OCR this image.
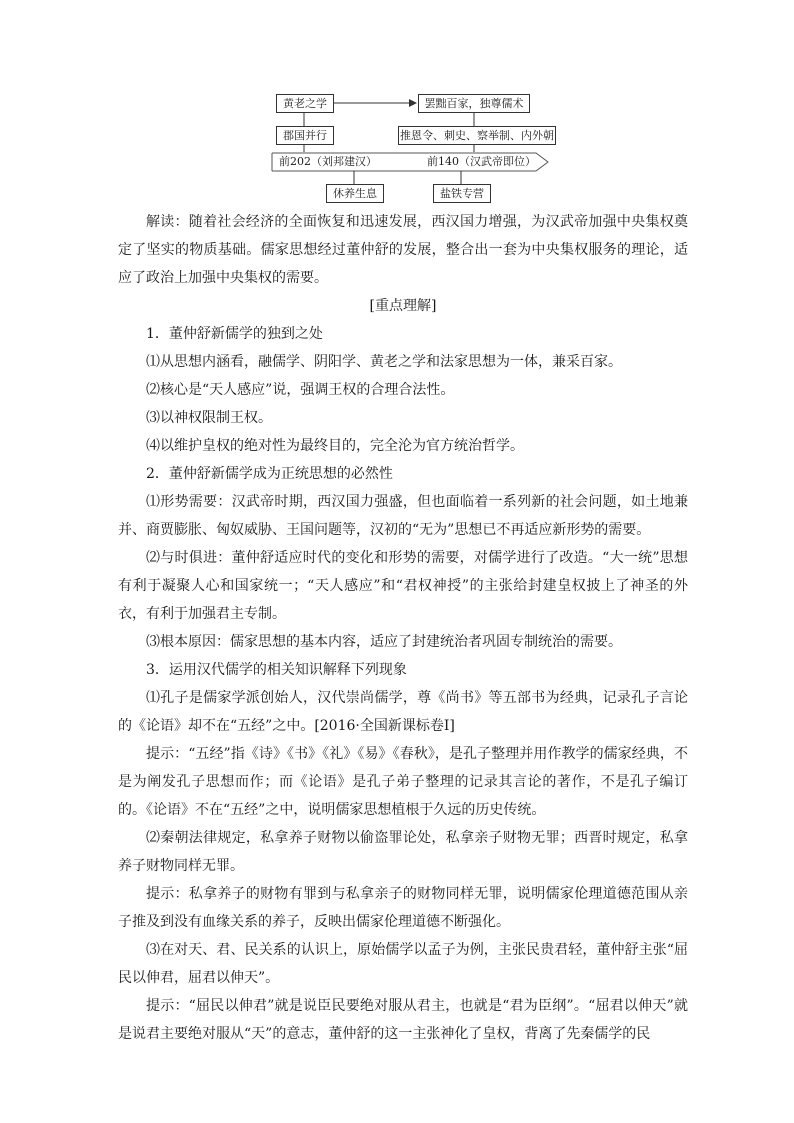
黄老之学	罢黜百家，独尊儒术
郡国并行	推恩令、刺史、察举制、内外朝
前202（刘邦建汉）	前140（汉武帝即位）
休养生息	盐铁专营

解读：随着社会经济的全面恢复和迅速发展，西汉国力增强，为汉武帝加强中央集权奠定了坚实的物质基础。儒家思想经过董仲舒的发展，整合出一套为中央集权服务的理论，适应了政治上加强中央集权的需要。

[重点理解]

1．董仲舒新儒学的独到之处

⑴从思想内涵看，融儒学、阴阳学、黄老之学和法家思想为一体，兼采百家。

⑵核心是“天人感应”说，强调王权的合理合法性。

⑶以神权限制王权。

⑷以维护皇权的绝对性为最终目的，完全沦为官方统治哲学。

2．董仲舒新儒学成为正统思想的必然性

⑴形势需要：汉武帝时期，西汉国力强盛，但也面临着一系列新的社会问题，如土地兼并、商贾膨胀、匈奴威胁、王国问题等，汉初的“无为”思想已不再适应新形势的需要。

⑵与时俱进：董仲舒适应时代的变化和形势的需要，对儒学进行了改造。“大一统”思想有利于凝聚人心和国家统一；“天人感应”和“君权神授”的主张给封建皇权披上了神圣的外衣，有利于加强君主专制。

⑶根本原因：儒家思想的基本内容，适应了封建统治者巩固专制统治的需要。

3．运用汉代儒学的相关知识解释下列现象

⑴孔子是儒家学派创始人，汉代崇尚儒学，尊《尚书》等五部书为经典，记录孔子言论的《论语》却不在“五经”之中。[2016·全国新课标卷Ⅰ]

提示：“五经”指《诗》《书》《礼》《易》《春秋》，是孔子整理并用作教学的儒家经典，不是为阐发孔子思想而作；而《论语》是孔子弟子整理的记录其言论的著作，不是孔子编订的。《论语》不在“五经”之中，说明儒家思想植根于久远的历史传统。

⑵秦朝法律规定，私拿养子财物以偷盗罪论处，私拿亲子财物无罪；西晋时规定，私拿养子财物同样无罪。

提示：私拿养子的财物有罪到与私拿亲子的财物同样无罪，说明儒家伦理道德范围从亲子推及到没有血缘关系的养子，反映出儒家伦理道德不断强化。

⑶在对天、君、民关系的认识上，原始儒学以孟子为例，主张民贵君轻，董仲舒主张“屈民以伸君，屈君以伸天”。

提示：“屈民以伸君”就是说臣民要绝对服从君主，也就是“君为臣纲”。“屈君以伸天”就是说君主要绝对服从“天”的意志，董仲舒的这一主张神化了皇权，背离了先秦儒学的民
